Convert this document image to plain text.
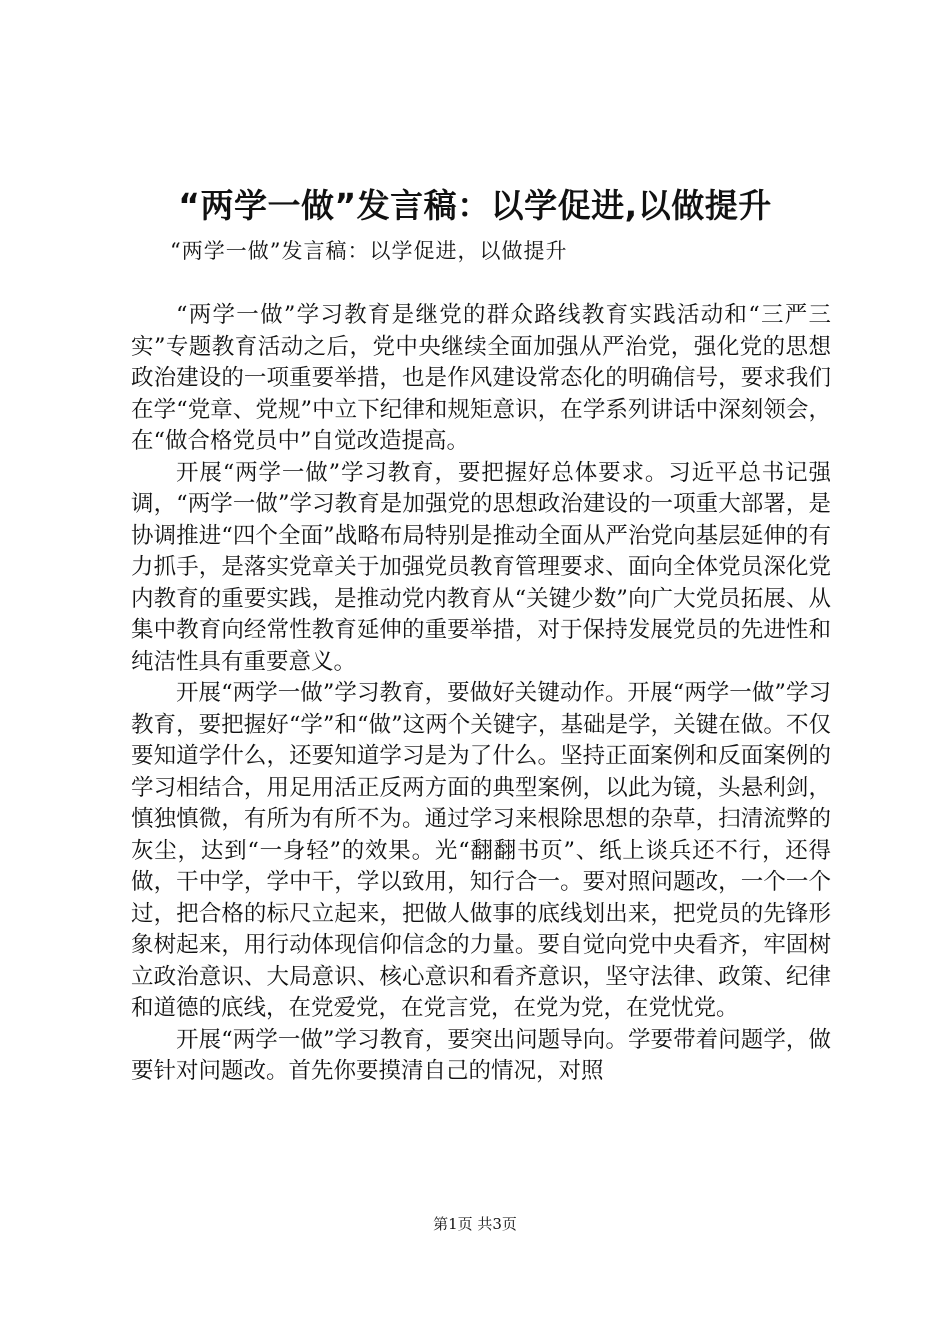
“两学一做”发言稿：以学促进,以做提升
“两学一做”发言稿：以学促进，以做提升

“两学一做”学习教育是继党的群众路线教育实践活动和“三严三实”专题教育活动之后，党中央继续全面加强从严治党，强化党的思想政治建设的一项重要举措，也是作风建设常态化的明确信号，要求我们在学“党章、党规”中立下纪律和规矩意识，在学系列讲话中深刻领会，在“做合格党员中”自觉改造提高。

开展“两学一做”学习教育，要把握好总体要求。习近平总书记强调，“两学一做”学习教育是加强党的思想政治建设的一项重大部署，是协调推进“四个全面”战略布局特别是推动全面从严治党向基层延伸的有力抓手，是落实党章关于加强党员教育管理要求、面向全体党员深化党内教育的重要实践，是推动党内教育从“关键少数”向广大党员拓展、从集中教育向经常性教育延伸的重要举措，对于保持发展党员的先进性和纯洁性具有重要意义。

开展“两学一做”学习教育，要做好关键动作。开展“两学一做”学习教育，要把握好“学”和“做”这两个关键字，基础是学，关键在做。不仅要知道学什么，还要知道学习是为了什么。坚持正面案例和反面案例的学习相结合，用足用活正反两方面的典型案例，以此为镜，头悬利剑，慎独慎微，有所为有所不为。通过学习来根除思想的杂草，扫清流弊的灰尘，达到“一身轻”的效果。光“翻翻书页”、纸上谈兵还不行，还得做，干中学，学中干，学以致用，知行合一。要对照问题改，一个一个过，把合格的标尺立起来，把做人做事的底线划出来，把党员的先锋形象树起来，用行动体现信仰信念的力量。要自觉向党中央看齐，牢固树立政治意识、大局意识、核心意识和看齐意识，坚守法律、政策、纪律和道德的底线，在党爱党，在党言党，在党为党，在党忧党。

开展“两学一做”学习教育，要突出问题导向。学要带着问题学，做要针对问题改。首先你要摸清自己的情况，对照

第1页 共3页
